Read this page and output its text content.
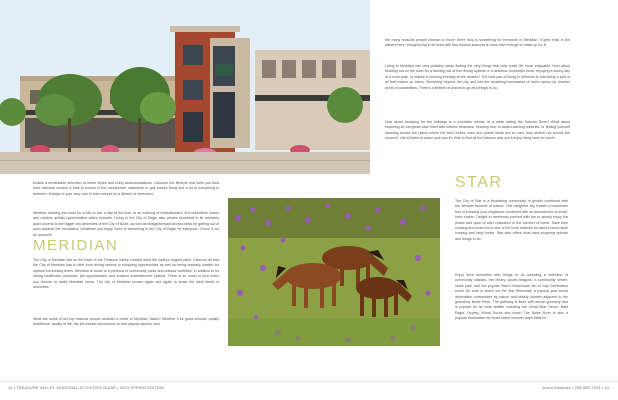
boasts a remarkable selection of home styles and living accommodations. Discover the lifestyle that suits you best from riverside condos & flats to homes in the countryside, waterside or golf course living and a lot of everything in between. Escape to your very own in town retreat for a lifetime of memories.

Whether heading into town for a bite to eat, a day at the river, or an evening of entertainment, find boundless indoor and outdoor activity opportunities within minutes. Living in the City of Eagle also proves beneficial in its relatively quick access to the bigger city amenities of the City of Boise, as well as straightforward access ideal for getting out of town towards the mountains. Whatever you enjoy, there is something in the City of Eagle for everyone. Check it out for yourself!

MERIDIAN

The City of Meridian sits as the heart of the Treasure Valley, nestled amid the valley's largest cities. Discover all that the City of Meridian has to offer from dining options to shopping opportunities as well as being centrally located for optimal commuting times. Meridian is home to a plethora of community parks and outdoor activities, in addition to its strong healthcare presence, job opportunities, and endless entertainment options. There is so much to love when you choose to make Meridian home. The city of Meridian proves again and again to boast the ideal blend of amenities.

What are some of the top reasons people consider a move to Meridian, Idaho? Whether it be good schools, quality healthcare, quality of life, the job market and access to well-paying careers, and

the many reasons people choose to move, there truly is something for everyone in Meridian. It gets brisk in the winters here, though living in an area with four distinct seasons is more than enough to make up for it!

Living in Meridian can very possibly mean finding the very things that help make life more enjoyable. How about heading out on the town for a sizzling mix of fine dining options or a delicious homestyle meal, enjoying a sunny day at a local park, or maybe a relaxing evening at the movies? The best part of living in Meridian is that being a part of all that makes up Idaho. Stretching beyond the city and into the sprawling boundaries of Idaho opens up another world of possibilities. There's a lifetime of places to go and things to do.

How about escaping for the holidays to a mountain retreat, or a week rafting the Salmon River? What about exploring an old ghost town filled with historic treasures, heading over to award-winning wineries, or finding yourself traveling across the plains where the wild horses roam and prairie lands are so vast, they stretch out across the horizon? Life is better in Idaho and now it's time to find all the reasons why you'll enjoy living here so much!

STAR

The City of Star is a flourishing community of growth combined with the delicate balance of nature. This delightful city boasts a hometown feel of knowing your neighbors combined with an atmosphere of small-town charm. Delight in weekends packed with fun or simply enjoy the peace and quiet of utter relaxation in the comfort of home. Save time cooking and head out to one of the local eateries for savory home-style cooking and tasty treats. Star also offers local area shopping options and things to do.

Enjoy area amenities with things to do including a selection of community classes, the library, sports leagues, a community center, skate park, and the popular Star's Homemade 4th of July Celebration event. Be sure to check out the Star Riverwalk, a popular year-round destination surrounded by nature and ideally located adjacent to the gracefully Boise River. The pathway is lined with dense greenery and is popular for its wide wildlife including the Great Blue Heron, Bald Eagle, Osprey, Wood Ducks and more! The Boise River is also a popular destination for those warm summer days ideal for

12 | TREASURE VALLEY SEASONAL ACTIVITIES GUIDE | 2023 SPRING EDITION	Justin Edwards • 208-989-7074 | 13
